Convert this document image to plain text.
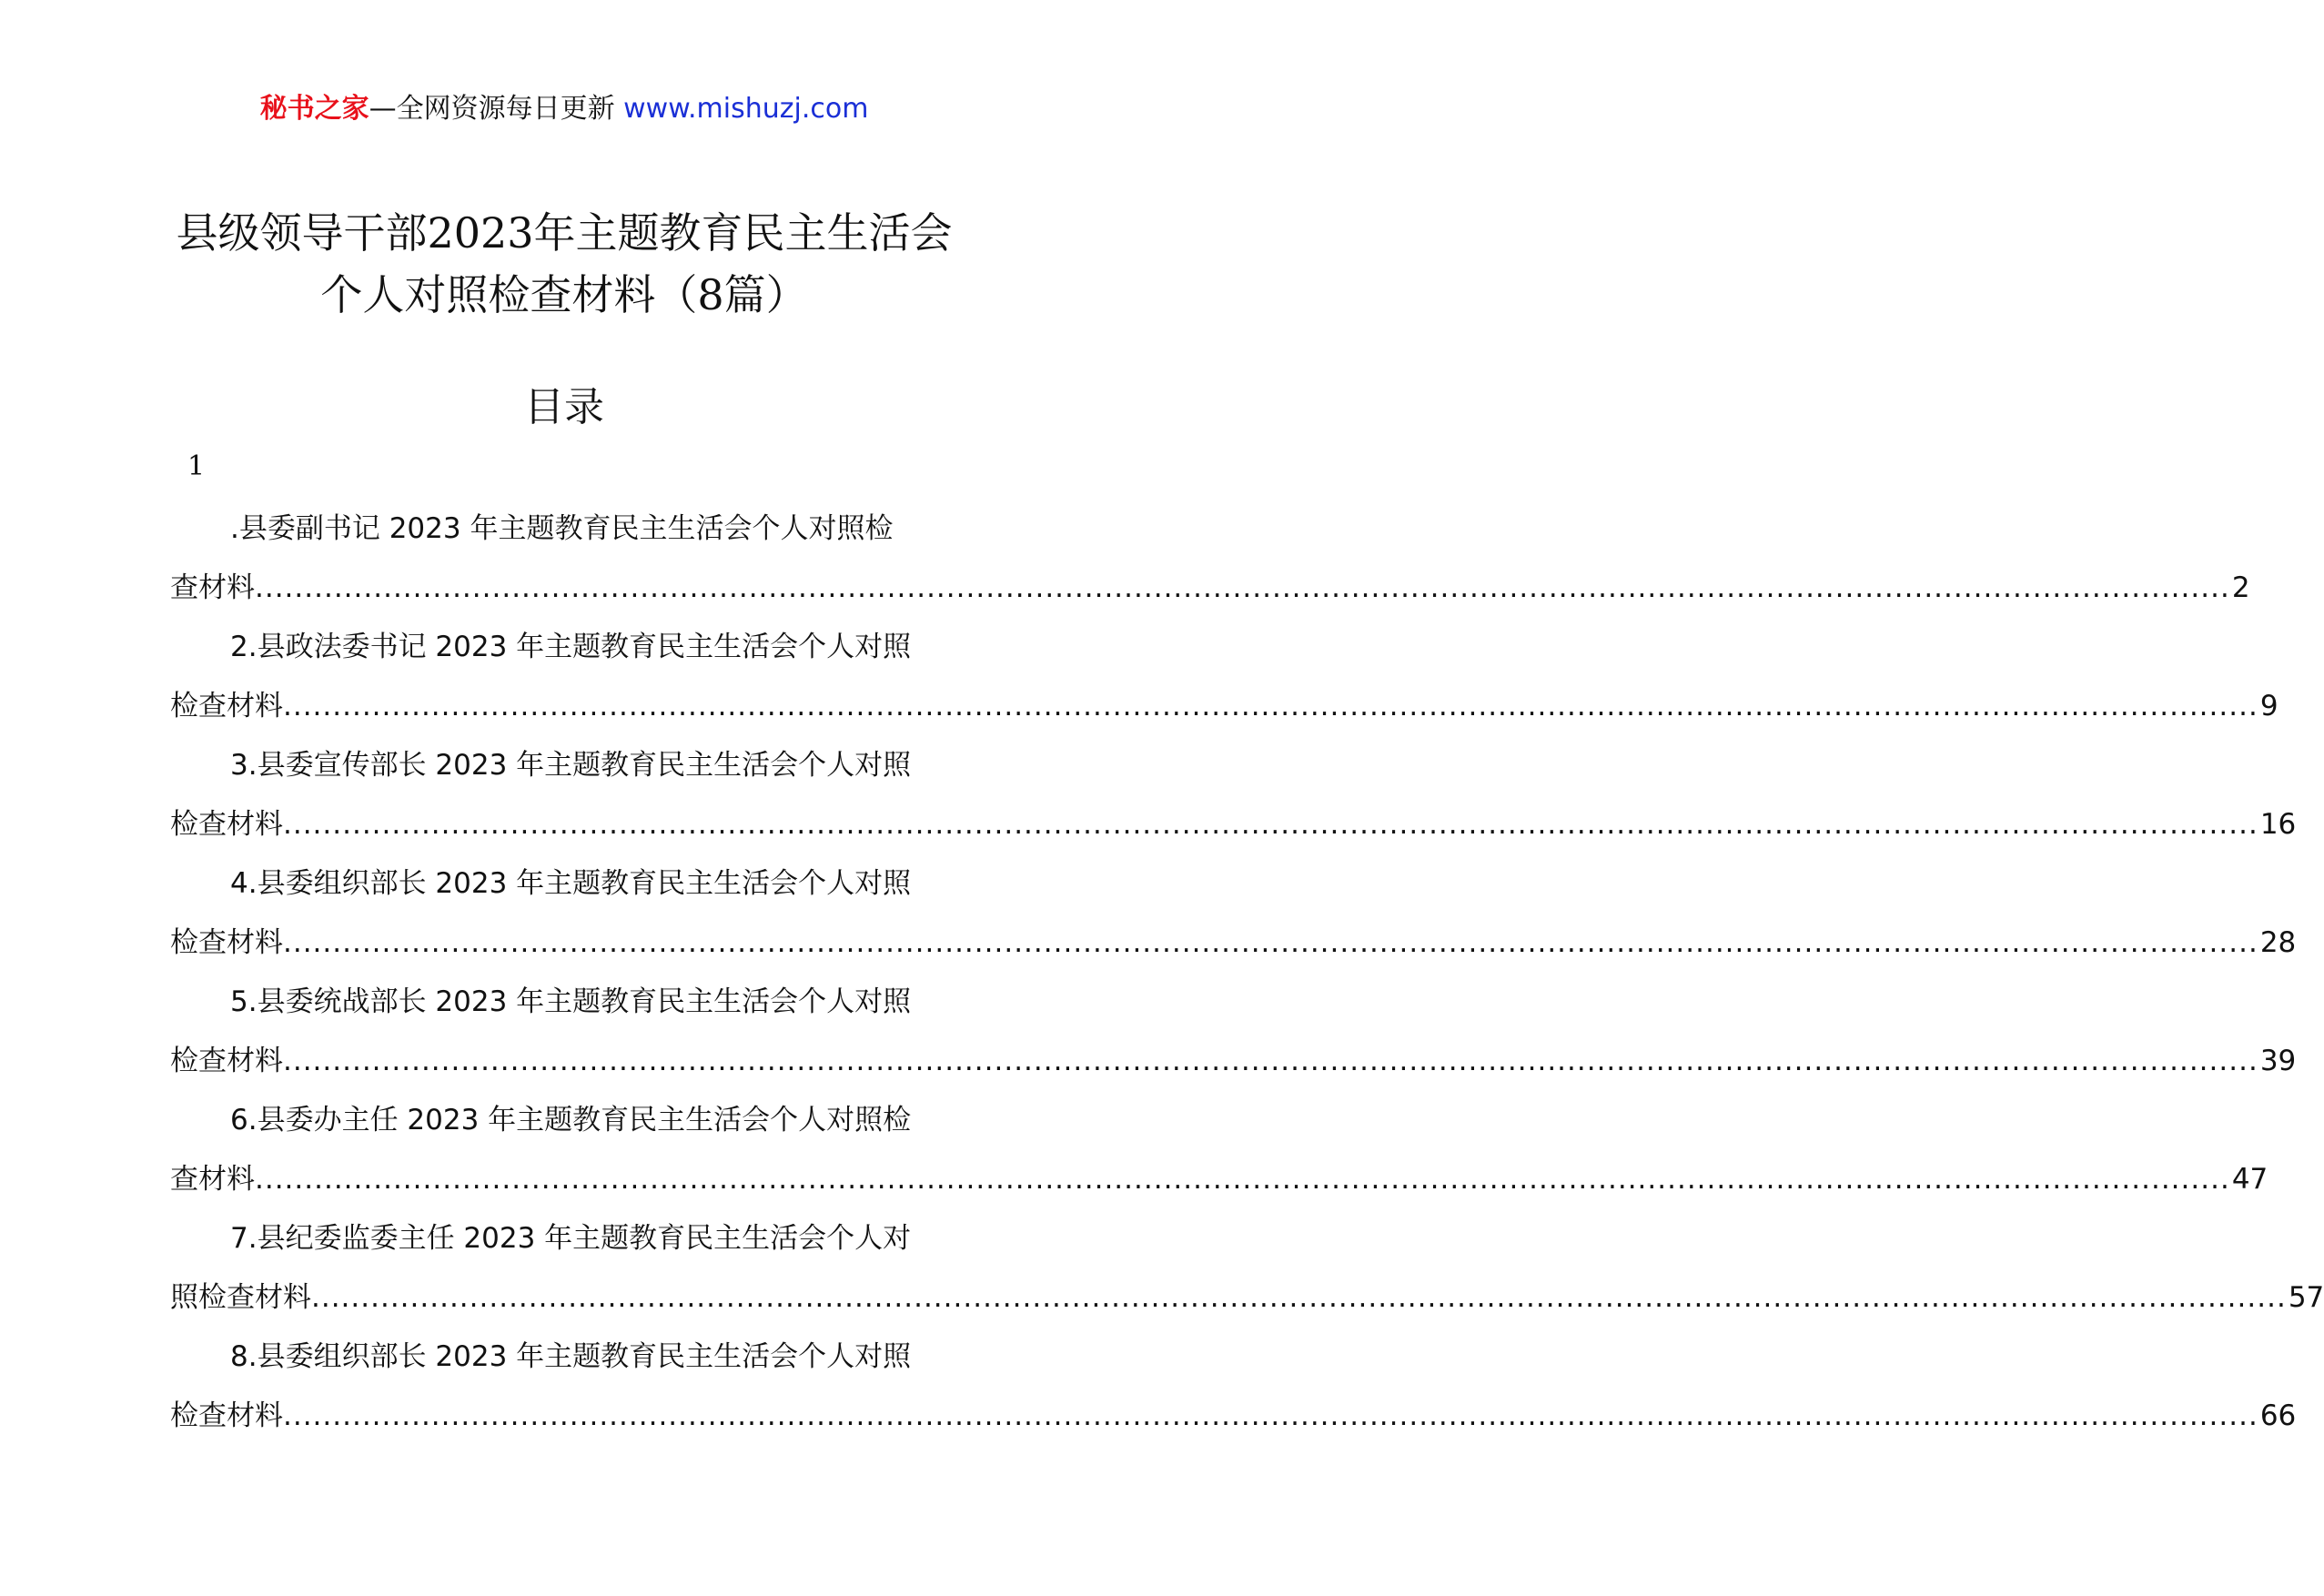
秘书之家—全网资源每日更新 www.mishuzj.com
县级领导干部2023年主题教育民主生活会
个人对照检查材料（8篇）
目录
1
.县委副书记 2023 年主题教育民主生活会个人对照检
查材料 ........................................................................................................................................................................................................ 2
2.县政法委书记 2023 年主题教育民主生活会个人对照
检查材料 ........................................................................................................................................................................................................ 9
3.县委宣传部长 2023 年主题教育民主生活会个人对照
检查材料 ........................................................................................................................................................................................................ 16
4.县委组织部长 2023 年主题教育民主生活会个人对照
检查材料 ........................................................................................................................................................................................................ 28
5.县委统战部长 2023 年主题教育民主生活会个人对照
检查材料 ........................................................................................................................................................................................................ 39
6.县委办主任 2023 年主题教育民主生活会个人对照检
查材料 ........................................................................................................................................................................................................ 47
7.县纪委监委主任 2023 年主题教育民主生活会个人对
照检查材料 ........................................................................................................................................................................................................ 57
8.县委组织部长 2023 年主题教育民主生活会个人对照
检查材料 ........................................................................................................................................................................................................ 66
